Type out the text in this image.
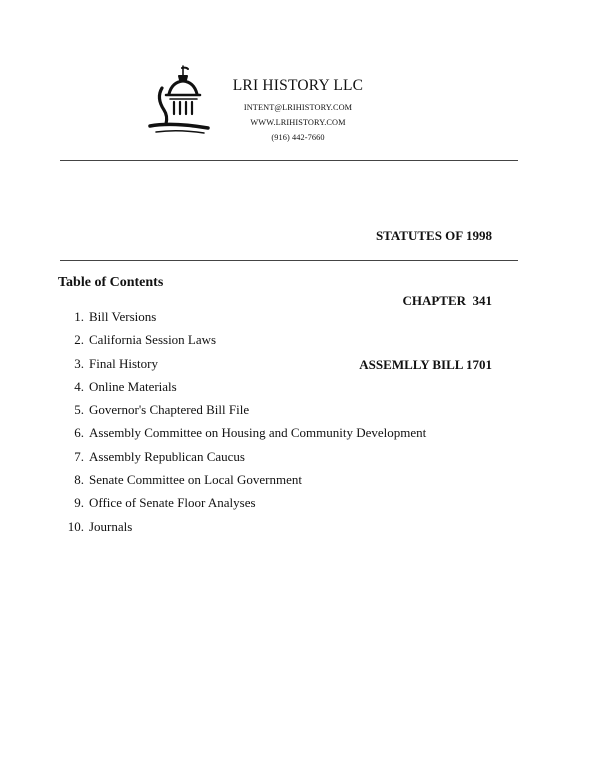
LRI HISTORY LLC
INTENT@LRIHISTORY.COM
WWW.LRIHISTORY.COM
(916) 442-7660

STATUTES OF 1998

CHAPTER  341

ASSEMLLY BILL 1701

Table of Contents
1. Bill Versions
2. California Session Laws
3. Final History
4. Online Materials
5. Governor's Chaptered Bill File
6. Assembly Committee on Housing and Community Development
7. Assembly Republican Caucus
8. Senate Committee on Local Government
9. Office of Senate Floor Analyses
10. Journals
